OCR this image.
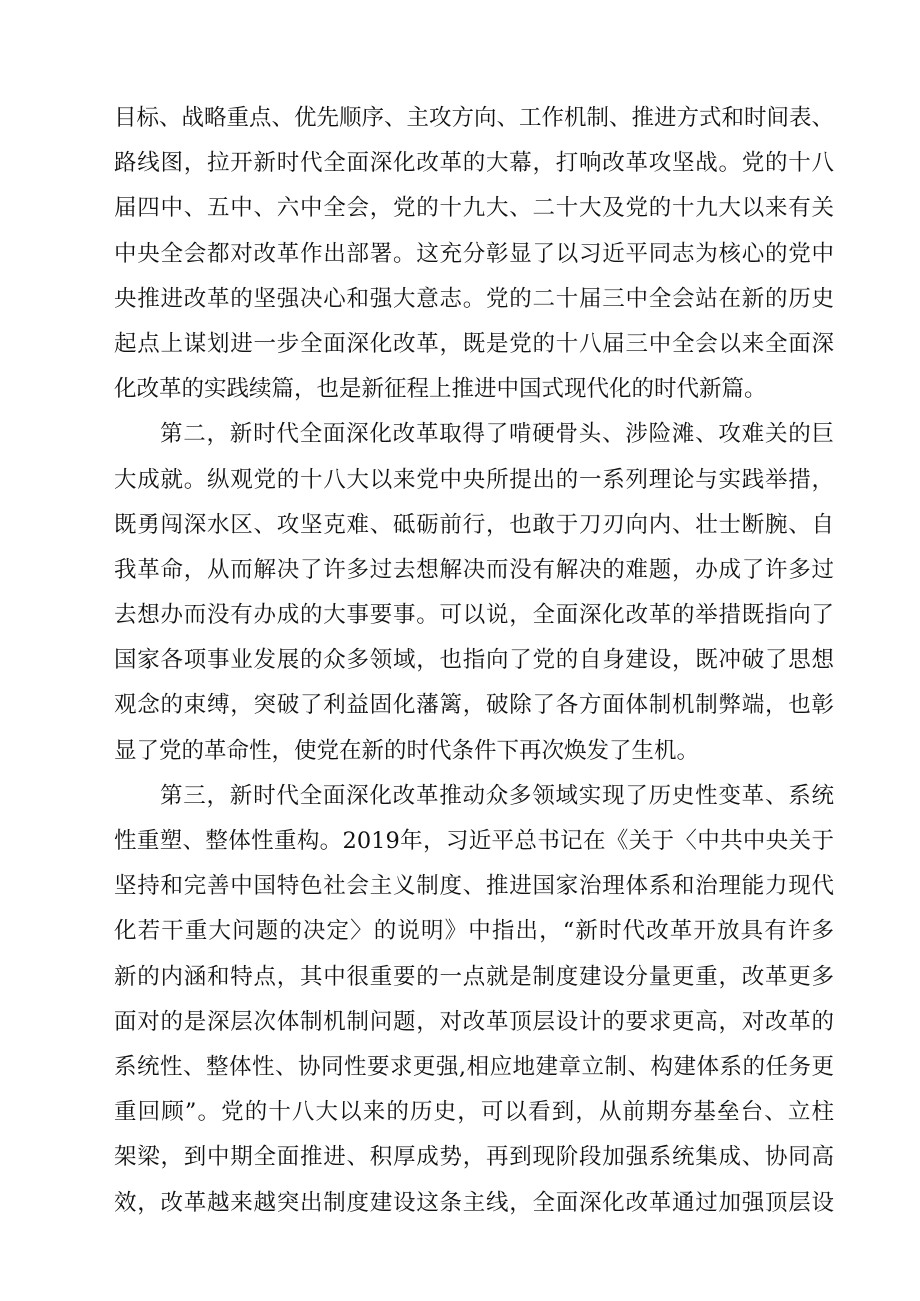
目标、战略重点、优先顺序、主攻方向、工作机制、推进方式和时间表、
路线图，拉开新时代全面深化改革的大幕，打响改革攻坚战。党的十八
届四中、五中、六中全会，党的十九大、二十大及党的十九大以来有关
中央全会都对改革作出部署。这充分彰显了以习近平同志为核心的党中
央推进改革的坚强决心和强大意志。党的二十届三中全会站在新的历史
起点上谋划进一步全面深化改革，既是党的十八届三中全会以来全面深
化改革的实践续篇，也是新征程上推进中国式现代化的时代新篇。
第二，新时代全面深化改革取得了啃硬骨头、涉险滩、攻难关的巨
大成就。纵观党的十八大以来党中央所提出的一系列理论与实践举措，
既勇闯深水区、攻坚克难、砥砺前行，也敢于刀刃向内、壮士断腕、自
我革命，从而解决了许多过去想解决而没有解决的难题，办成了许多过
去想办而没有办成的大事要事。可以说，全面深化改革的举措既指向了
国家各项事业发展的众多领域，也指向了党的自身建设，既冲破了思想
观念的束缚，突破了利益固化藩篱，破除了各方面体制机制弊端，也彰
显了党的革命性，使党在新的时代条件下再次焕发了生机。
第三，新时代全面深化改革推动众多领域实现了历史性变革、系统
性重塑、整体性重构。2019年，习近平总书记在《关于〈中共中央关于
坚持和完善中国特色社会主义制度、推进国家治理体系和治理能力现代
化若干重大问题的决定〉的说明》中指出，“新时代改革开放具有许多
新的内涵和特点，其中很重要的一点就是制度建设分量更重，改革更多
面对的是深层次体制机制问题，对改革顶层设计的要求更高，对改革的
系统性、整体性、协同性要求更强,相应地建章立制、构建体系的任务更
重回顾”。党的十八大以来的历史，可以看到，从前期夯基垒台、立柱
架梁，到中期全面推进、积厚成势，再到现阶段加强系统集成、协同高
效，改革越来越突出制度建设这条主线，全面深化改革通过加强顶层设
